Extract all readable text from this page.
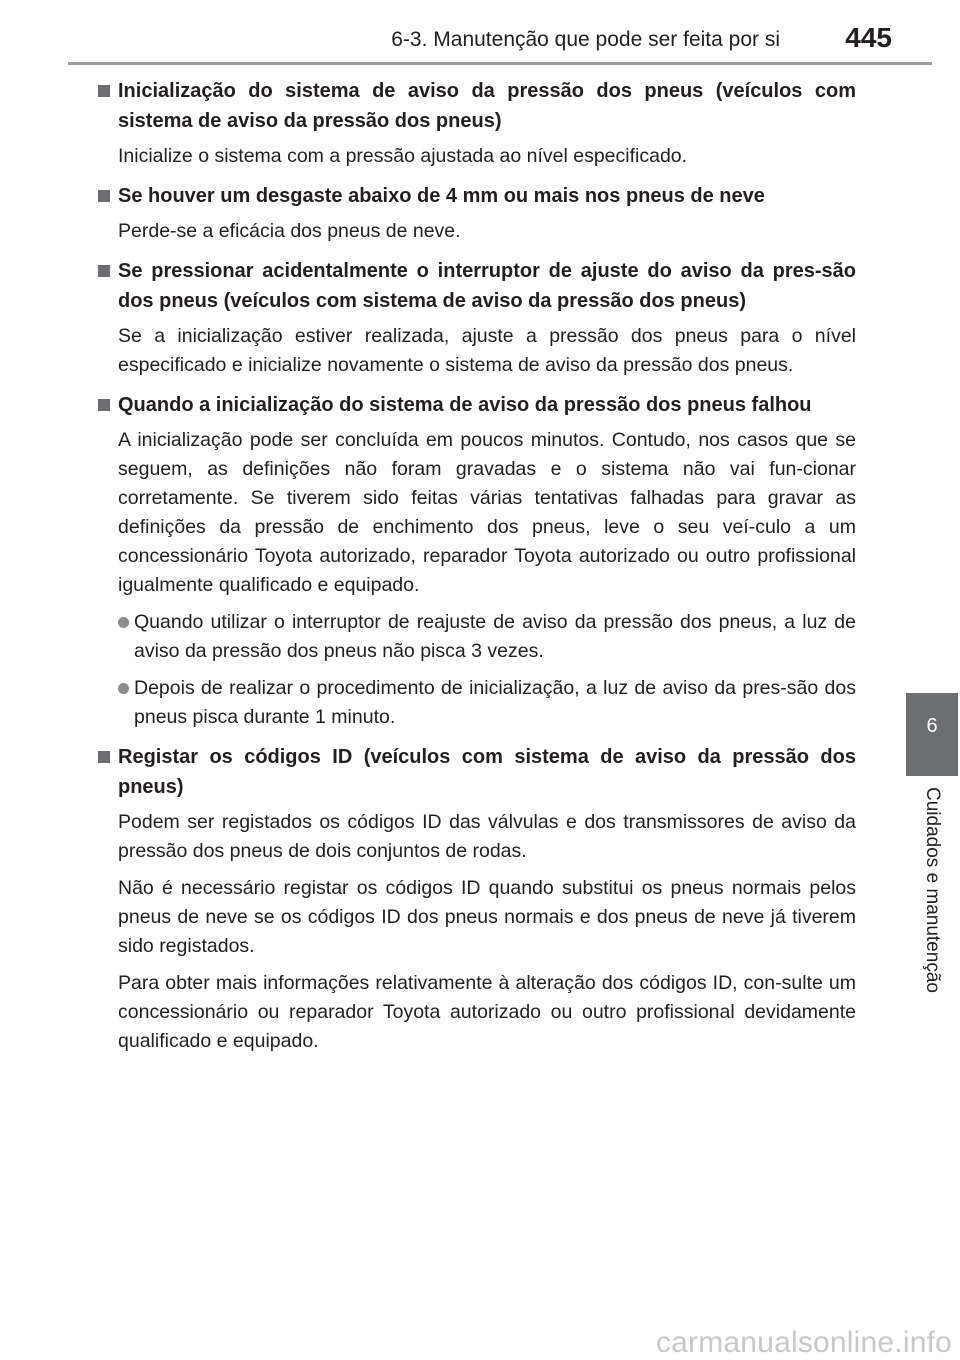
6-3. Manutenção que pode ser feita por si 445
6
Cuidados e manutenção
Inicialização do sistema de aviso da pressão dos pneus (veículos com sistema de aviso da pressão dos pneus)

Inicialize o sistema com a pressão ajustada ao nível especificado.

Se houver um desgaste abaixo de 4 mm ou mais nos pneus de neve

Perde-se a eficácia dos pneus de neve.

Se pressionar acidentalmente o interruptor de ajuste do aviso da pres-são dos pneus (veículos com sistema de aviso da pressão dos pneus)

Se a inicialização estiver realizada, ajuste a pressão dos pneus para o nível especificado e inicialize novamente o sistema de aviso da pressão dos pneus.

Quando a inicialização do sistema de aviso da pressão dos pneus falhou

A inicialização pode ser concluída em poucos minutos. Contudo, nos casos que se seguem, as definições não foram gravadas e o sistema não vai fun-cionar corretamente. Se tiverem sido feitas várias tentativas falhadas para gravar as definições da pressão de enchimento dos pneus, leve o seu veí-culo a um concessionário Toyota autorizado, reparador Toyota autorizado ou outro profissional igualmente qualificado e equipado.

Quando utilizar o interruptor de reajuste de aviso da pressão dos pneus, a luz de aviso da pressão dos pneus não pisca 3 vezes.
Depois de realizar o procedimento de inicialização, a luz de aviso da pres-são dos pneus pisca durante 1 minuto.
Registar os códigos ID (veículos com sistema de aviso da pressão dos pneus)

Podem ser registados os códigos ID das válvulas e dos transmissores de aviso da pressão dos pneus de dois conjuntos de rodas.

Não é necessário registar os códigos ID quando substitui os pneus normais pelos pneus de neve se os códigos ID dos pneus normais e dos pneus de neve já tiverem sido registados.

Para obter mais informações relativamente à alteração dos códigos ID, con-sulte um concessionário ou reparador Toyota autorizado ou outro profissional devidamente qualificado e equipado.

carmanualsonline.info
